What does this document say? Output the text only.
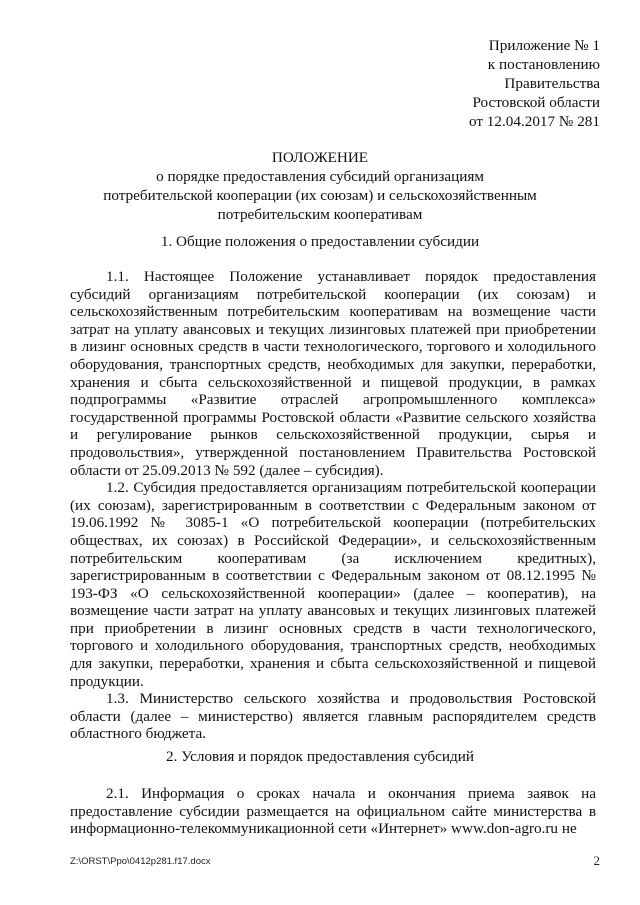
Приложение № 1
к постановлению
Правительства
Ростовской области
от 12.04.2017 № 281
ПОЛОЖЕНИЕ
о порядке предоставления субсидий организациям
потребительской кооперации (их союзам) и сельскохозяйственным
потребительским кооперативам
1. Общие положения о предоставлении субсидии

1.1. Настоящее Положение устанавливает порядок предоставления субсидий организациям потребительской кооперации (их союзам) и сельскохозяйственным потребительским кооперативам на возмещение части затрат на уплату авансовых и текущих лизинговых платежей при приобретении в лизинг основных средств в части технологического, торгового и холодильного оборудования, транспортных средств, необходимых для закупки, переработки, хранения и сбыта сельскохозяйственной и пищевой продукции, в рамках подпрограммы «Развитие отраслей агропромышленного комплекса» государственной программы Ростовской области «Развитие сельского хозяйства и регулирование рынков сельскохозяйственной продукции, сырья и продовольствия», утвержденной постановлением Правительства Ростовской области от 25.09.2013 № 592 (далее – субсидия).

1.2. Субсидия предоставляется организациям потребительской кооперации (их союзам), зарегистрированным в соответствии с Федеральным законом от 19.06.1992 № 3085-1 «О потребительской кооперации (потребительских обществах, их союзах) в Российской Федерации», и сельскохозяйственным потребительским кооперативам (за исключением кредитных), зарегистрированным в соответствии с Федеральным законом от 08.12.1995 № 193-ФЗ «О сельскохозяйственной кооперации» (далее – кооператив), на возмещение части затрат на уплату авансовых и текущих лизинговых платежей при приобретении в лизинг основных средств в части технологического, торгового и холодильного оборудования, транспортных средств, необходимых для закупки, переработки, хранения и сбыта сельскохозяйственной и пищевой продукции.

1.3. Министерство сельского хозяйства и продовольствия Ростовской области (далее – министерство) является главным распорядителем средств областного бюджета.

2. Условия и порядок предоставления субсидий

2.1. Информация о сроках начала и окончания приема заявок на предоставление субсидии размещается на официальном сайте министерства в информационно-телекоммуникационной сети «Интернет» www.don-agro.ru не

Z:\ORST\Ppo\0412p281.f17.docx	2
